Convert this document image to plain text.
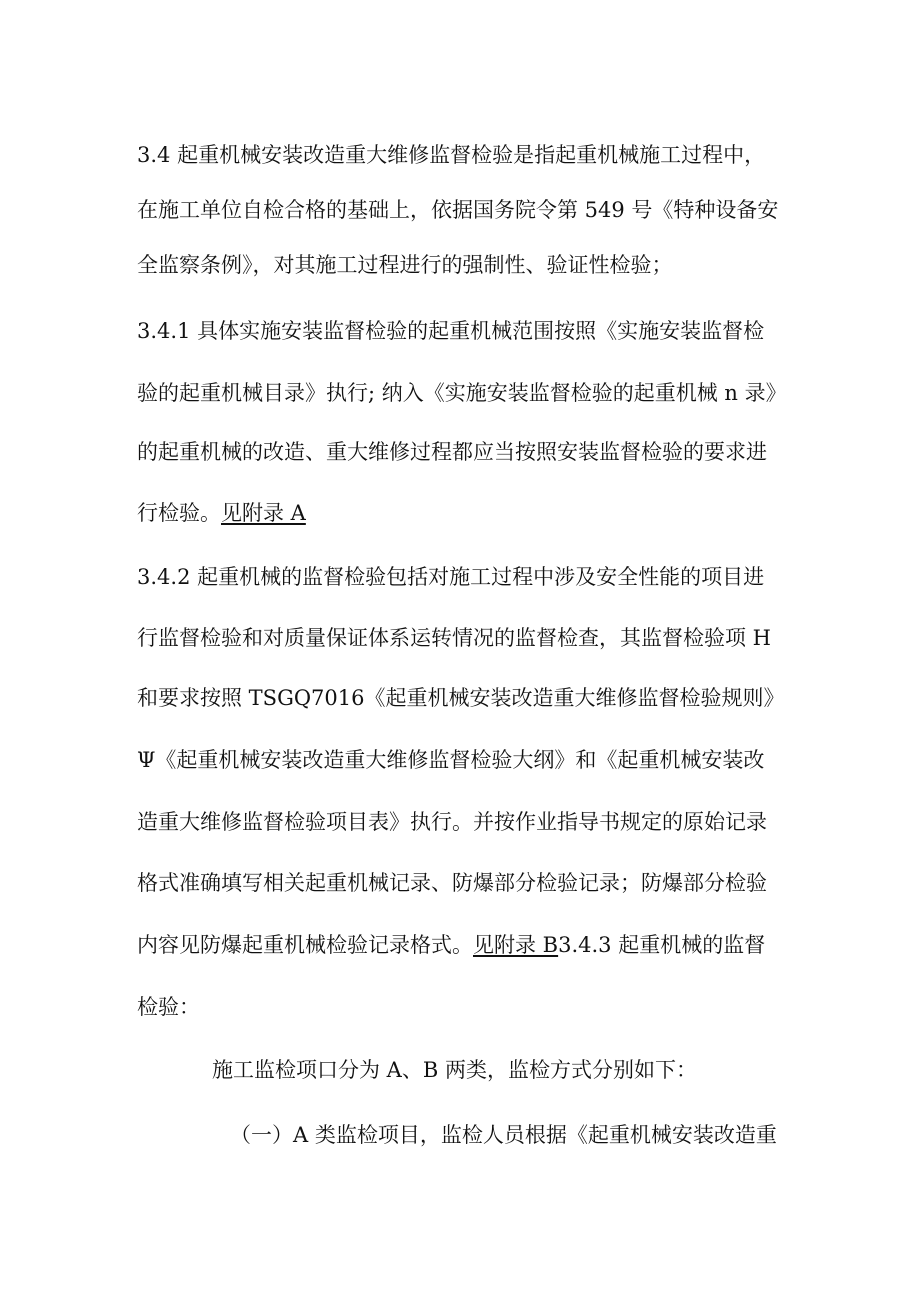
3.4 起重机械安装改造重大维修监督检验是指起重机械施工过程中，

在施工单位自检合格的基础上，依据国务院令第 549 号《特种设备安

全监察条例》，对其施工过程进行的强制性、验证性检验；

3.4.1 具体实施安装监督检验的起重机械范围按照《实施安装监督检

验的起重机械目录》执行; 纳入《实施安装监督检验的起重机械 n 录》

的起重机械的改造、重大维修过程都应当按照安装监督检验的要求进

行检验。见附录 A

3.4.2 起重机械的监督检验包括对施工过程中涉及安全性能的项目进

行监督检验和对质量保证体系运转情况的监督检查，其监督检验项 H

和要求按照 TSGQ7016《起重机械安装改造重大维修监督检验规则》

Ψ《起重机械安装改造重大维修监督检验大纲》和《起重机械安装改

造重大维修监督检验项目表》执行。并按作业指导书规定的原始记录

格式准确填写相关起重机械记录、防爆部分检验记录；防爆部分检验

内容见防爆起重机械检验记录格式。见附录 B3.4.3 起重机械的监督

检验：

施工监检项口分为 A、B 两类，监检方式分别如下：

（一）A 类监检项目，监检人员根据《起重机械安装改造重
